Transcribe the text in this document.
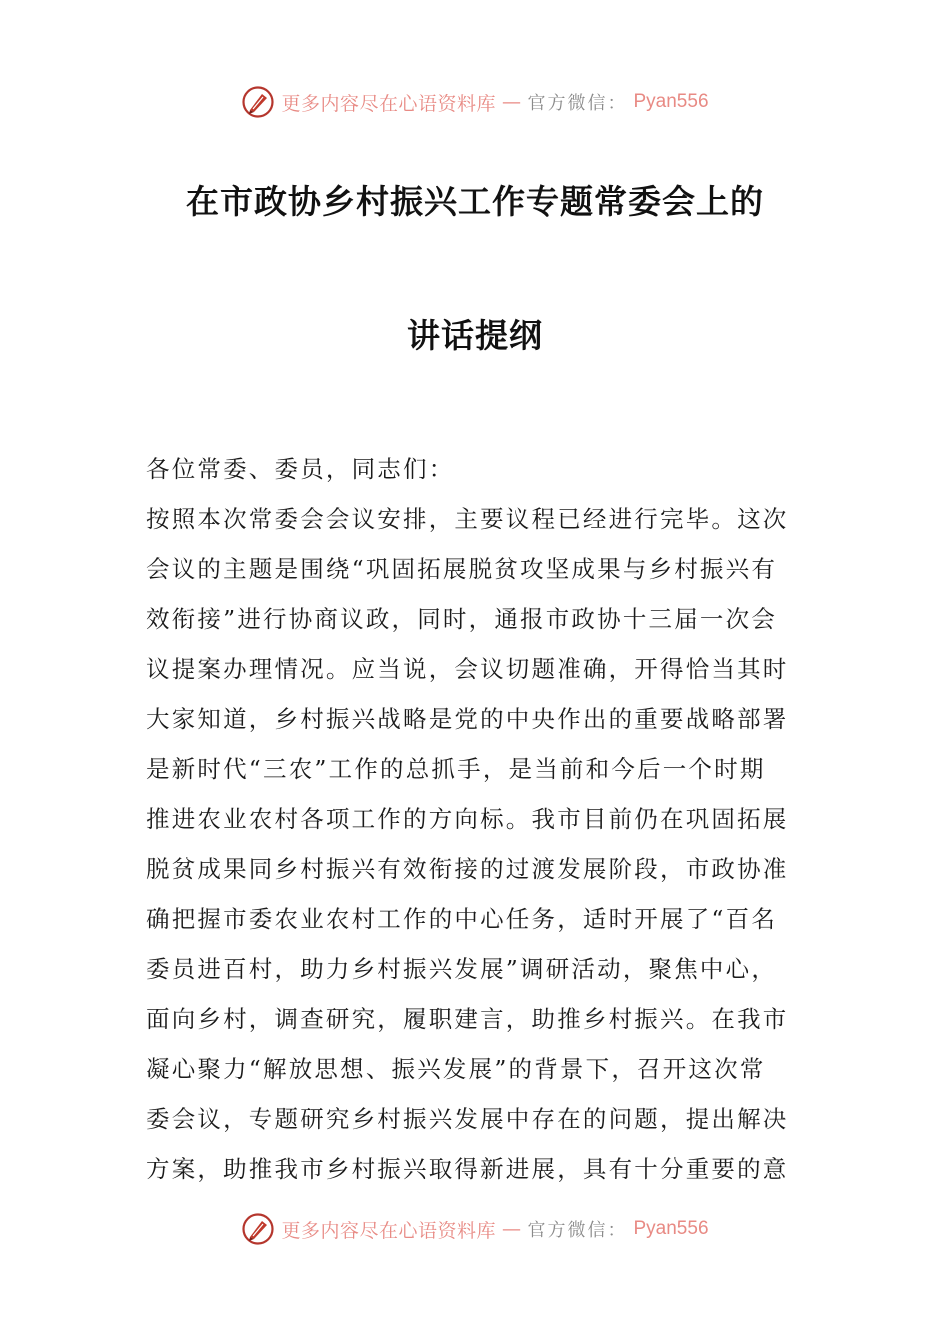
更多内容尽在心语资料库 — 官方微信： Pyan556
在市政协乡村振兴工作专题常委会上的
讲话提纲
各位常委、委员，同志们：
按照本次常委会会议安排，主要议程已经进行完毕。这次
会议的主题是围绕“巩固拓展脱贫攻坚成果与乡村振兴有
效衔接”进行协商议政，同时，通报市政协十三届一次会
议提案办理情况。应当说，会议切题准确，开得恰当其时
大家知道，乡村振兴战略是党的中央作出的重要战略部署
是新时代“三农”工作的总抓手，是当前和今后一个时期
推进农业农村各项工作的方向标。我市目前仍在巩固拓展
脱贫成果同乡村振兴有效衔接的过渡发展阶段，市政协准
确把握市委农业农村工作的中心任务，适时开展了“百名
委员进百村，助力乡村振兴发展”调研活动，聚焦中心，
面向乡村，调查研究，履职建言，助推乡村振兴。在我市
凝心聚力“解放思想、振兴发展”的背景下，召开这次常
委会议，专题研究乡村振兴发展中存在的问题，提出解决
方案，助推我市乡村振兴取得新进展，具有十分重要的意
更多内容尽在心语资料库 — 官方微信： Pyan556
